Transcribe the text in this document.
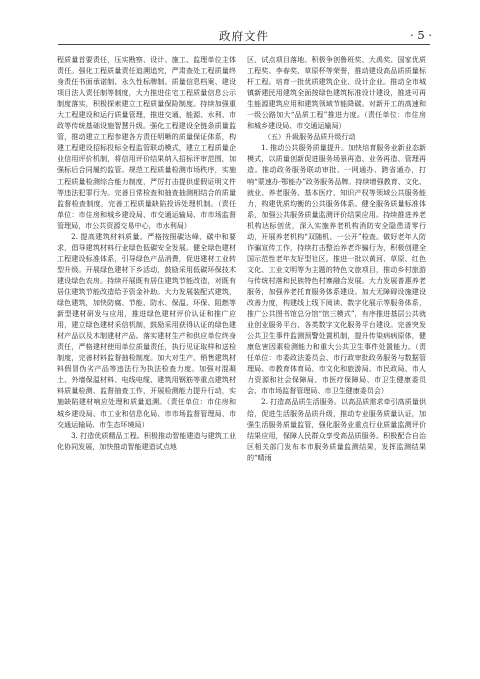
政府文件	· 5 ·

程质量首要责任，压实勘察、设计、施工、监理单位主体责任。强化工程质量责任追溯追究，严肃查处工程质量终身责任书面承诺制、永久性标牌制、质量信息档案、建设项目法人责任制等制度，大力推进住宅工程质量信息公示制度落实，积极探索建立工程质量保险制度。持续加强重大工程建设和运行质量管理，推进交通、能源、水利、市政等传统基础设施智慧升级。强化工程建设全链条质量监管，推动建立工程参建各方责任明晰的质量保证体系，构建工程建设招标投标全程监管联动模式，建立工程质量企业信用评价机制，将信用评价结果纳入招标评审范围，加强标后合同履约监管。规范工程质量检测市场秩序，实施工程质量检测综合能力制度，严厉打击提供虚假证明文件等违法犯罪行为。完善日常检查和抽查抽测相结合的质量监督检查制度，完善工程质量缺陷投诉处理机制。（责任单位：市住房和城乡建设局、市交通运输局、市市场监督管理局，市公共资源交易中心，市水利局）

2. 提高建筑材料质量。严格按照碳达峰、碳中和要求，倡导建筑材料行业绿色低碳安全发展。健全绿色建材工程建设标准体系，引导绿色产品消费，促进建材工业转型升级。开展绿色建材下乡活动，鼓励采用低碳环保技术建设绿色农房。持续开展既有居住建筑节能改造，对既有居住建筑节能改造给予资金补助。大力发展装配式建筑，绿色建筑，加快防腐、节能、防水、保温、环保、阻燃等新型建材研发与应用，推进绿色建材评价认证和推广应用，建立绿色建材采信机制，鼓励采用获得认证的绿色建材产品以及木制建材产品。落实建材生产和供应单位终身责任，严格建材使用单位质量责任，执行见证取样和送检制度，完善材料监督抽检制度。加大对生产、销售建筑材料假冒伪劣产品等违法行为执法检查力度。加强对混凝土、外墙保温材料、电线电缆、建筑用钢筋等重点建筑材料质量检测、监督抽查工作，开展检测能力提升行动，实施缺陷建材响应处理和质量追溯。（责任单位：市住房和城乡建设局、市工业和信息化局、市市场监督管理局、市交通运输局、市生态环境局）

3. 打造优质精品工程。积极推动智能建造与建筑工业化协同发展，加快推动智能建造试点地

区、试点项目落地。积极争创鲁班奖、大禹奖、国家优质工程奖、李春奖、草原杯等荣誉，推动建设高品质质量标杆工程。培育一批优质建筑企业、设计企业。推动全市城镇新建民用建筑全面按绿色建筑标准设计建设，推进可再生能源建筑应用和建筑领域节能降碳。对新开工的高速和一级公路加大“品质工程”推进力度。（责任单位：市住房和城乡建设局、市交通运输局）

（五）升級服务品质升级行动

1. 推动公共服务质量提升。加快培育服务业新业态新模式，以质量创新促进服务场景再造、业务再造、管理再造。推动政务服务联动审批、一网通办、跨省通办，打响“蒙速办·鄂能办”政务服务品牌。持续增强教育、文化、就业、养老服务、基本医疗、知识产权等领域公共服务能力，构建优质均衡的公共服务体系。健全服务质量标准体系，加强公共服务质量监测评价结果应用。持续推进养老机构达标创优，深入实施养老机构消防安全隐患清零行动，开展养老机构“双随机、一公开”检查。做好老年人防诈骗宣传工作，持续打击整治养老诈骗行为，积极创建全国示范性老年友好型社区。推进一批以黄河、草原、红色文化、工业文明等为主题的特色文旅项目，推动乡村旅游与传统村落和民族特色村寨融合发展。大力发展普惠养老服务，加强养老托育服务体系建设。加大无障碍设施建设改善力度，构建线上线下阅读、数字化展示等服务体系，推广公共图书馆总分馆“馆三模式”，有序推进基层公共就业创业服务平台、各类数字文化服务平台建设。完善突发公共卫生事件监测预警处置机制，提升传染病病原体，健康危害因素检测能力和重大公共卫生事件处置能力。（责任单位：市委政法委员会、市行政审批政务服务与数据管理局、市教育体育局、市文化和旅游局、市民政局、市人力资源和社会保障局、市医疗保障局、市卫生健康委员会、市市场监督管理局、市卫生健康委员会）

2. 打造高品质生活服务。以高品质需求牵引高质量供给，促进生活服务品质升级，推动专业服务质量认证，加强生活服务质量监管，强化服务业重点行业质量监测评价结果应用，保障人民群众享受高品质服务。积极配合自治区相关部门发布本市服务质量监测结果，发挥监测结果的“晴雨
